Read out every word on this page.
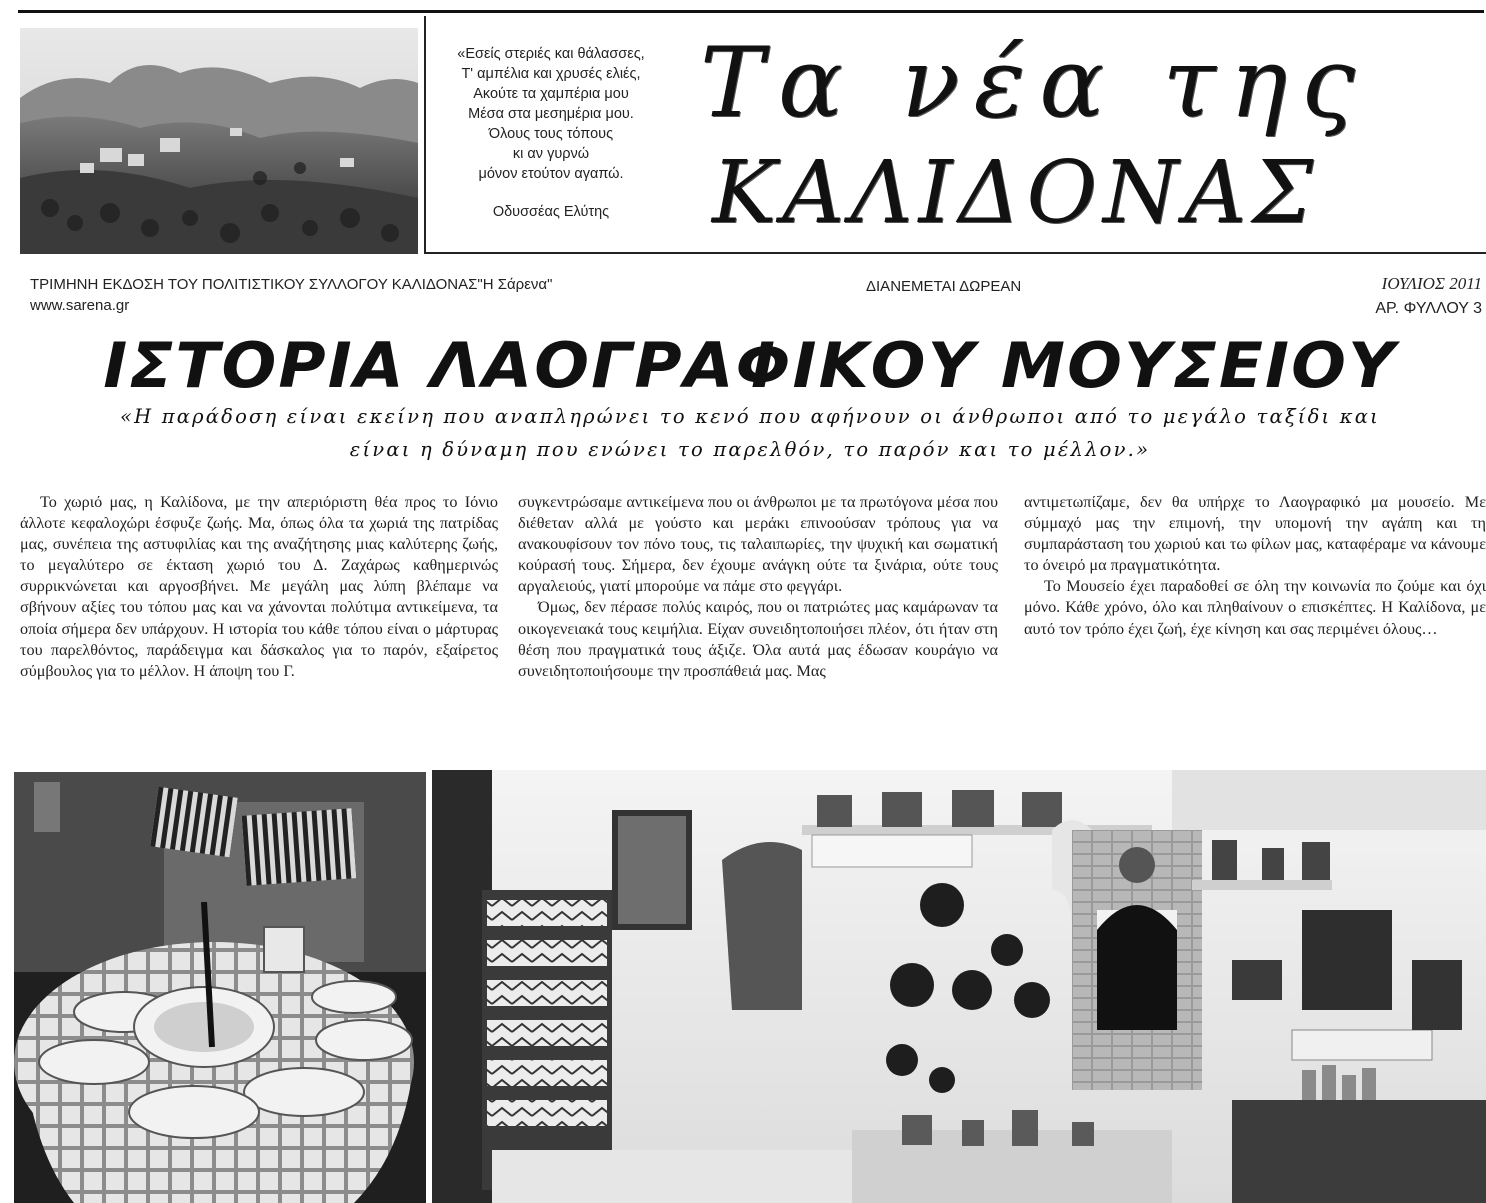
«Εσείς στεριές και θάλασσες,
Τ' αμπέλια και χρυσές ελιές,
Ακούτε τα χαμπέρια μου
Μέσα στα μεσημέρια μου.
Όλους τους τόπους
κι αν γυρνώ
μόνον ετούτον αγαπώ.
Οδυσσέας Ελύτης
Τα νέα της
ΚΑΛΙΔΟΝΑΣ
ΤΡΙΜΗΝΗ ΕΚΔΟΣΗ ΤΟΥ ΠΟΛΙΤΙΣΤΙΚΟΥ ΣΥΛΛΟΓΟΥ ΚΑΛΙΔΟΝΑΣ"Η Σάρενα"
www.sarena.gr
ΔΙΑΝΕΜΕΤΑΙ ΔΩΡΕΑΝ	ΙΟΥΛΙΟΣ 2011
ΑΡ. ΦΥΛΛΟΥ 3
ΙΣΤΟΡΙΑ ΛΑΟΓΡΑΦΙΚΟΥ ΜΟΥΣΕΙΟΥ
«Η παράδοση είναι εκείνη που αναπληρώνει το κενό που αφήνουν οι άνθρωποι από το μεγάλο ταξίδι και
είναι η δύναμη που ενώνει το παρελθόν, το παρόν και το μέλλον.»

Το χωριό μας, η Καλίδονα, με την απεριόριστη θέα προς το Ιόνιο άλλοτε κεφαλοχώρι έσφυζε ζωής. Μα, όπως όλα τα χωριά της πατρίδας μας, συνέπεια της αστυφιλίας και της αναζήτησης μιας καλύτερης ζωής, το μεγαλύτερο σε έκταση χωριό του Δ. Ζαχάρως καθημερινώς συρρικνώνεται και αργοσβήνει. Με μεγάλη μας λύπη βλέπαμε να σβήνουν αξίες του τόπου μας και να χάνονται πολύτιμα αντικείμενα, τα οποία σήμερα δεν υπάρχουν. Η ιστορία του κάθε τόπου είναι ο μάρτυρας του παρελθόντος, παράδειγμα και δάσκαλος για το παρόν, εξαίρετος σύμβουλος για το μέλλον. Η άποψη του Γ.

συγκεντρώσαμε αντικείμενα που οι άνθρωποι με τα πρωτόγονα μέσα που διέθεταν αλλά με γούστο και μεράκι επινοούσαν τρόπους για να ανακουφίσουν τον πόνο τους, τις ταλαιπωρίες, την ψυχική και σωματική κούρασή τους. Σήμερα, δεν έχουμε ανάγκη ούτε τα ξινάρια, ούτε τους αργαλειούς, γιατί μπορούμε να πάμε στο φεγγάρι.

Όμως, δεν πέρασε πολύς καιρός, που οι πατριώτες μας καμάρωναν τα οικογενειακά τους κειμήλια. Είχαν συνειδητοποιήσει πλέον, ότι ήταν στη θέση που πραγματικά τους άξιζε. Όλα αυτά μας έδωσαν κουράγιο να συνειδητοποιήσουμε την προσπάθειά μας. Μας

αντιμετωπίζαμε, δεν θα υπήρχε το Λαογραφικό μα μουσείο. Με σύμμαχό μας την επιμονή, την υπομονή την αγάπη και τη συμπαράσταση του χωριού και τω φίλων μας, καταφέραμε να κάνουμε το όνειρό μα πραγματικότητα.

Το Μουσείο έχει παραδοθεί σε όλη την κοινωνία πο ζούμε και όχι μόνο. Κάθε χρόνο, όλο και πληθαίνουν ο επισκέπτες. Η Καλίδονα, με αυτό τον τρόπο έχει ζωή, έχε κίνηση και σας περιμένει όλους…
